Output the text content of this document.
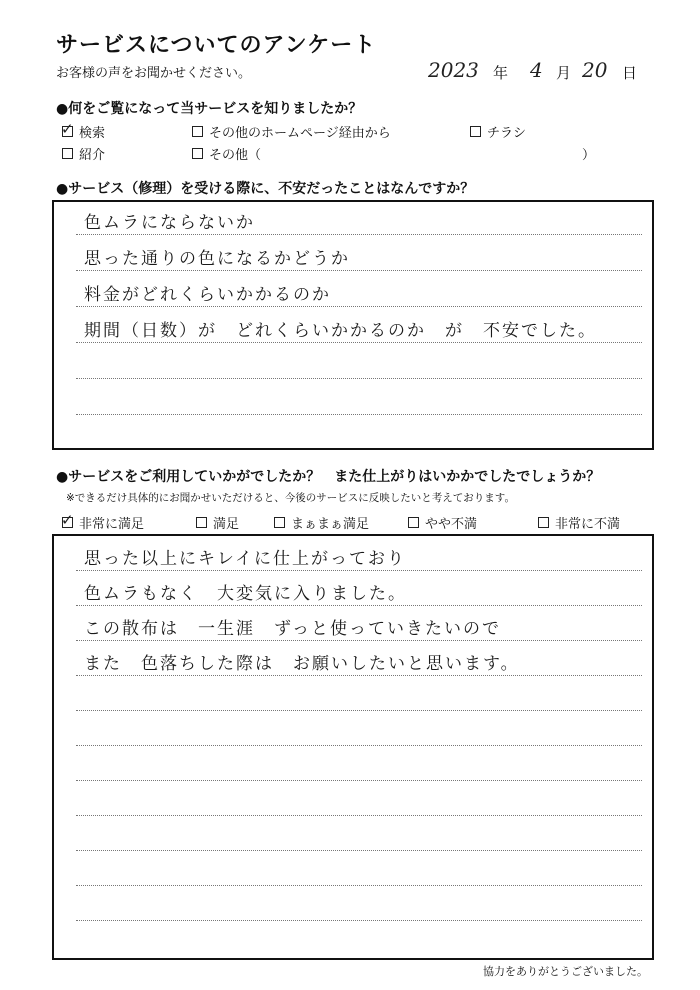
サービスについてのアンケート
お客様の声をお聞かせください。	2023 年 4 月 20 日
●何をご覧になって当サービスを知りましたか？
✓
検索	その他のホームページ経由から	チラシ
紹介	その他（	）
●サービス（修理）を受ける際に、不安だったことはなんですか？
色ムラにならないか
思った通りの色になるかどうか
料金がどれくらいかかるのか
期間（日数）が　どれくらいかかるのか　が　不安でした。
●サービスをご利用していかがでしたか？　また仕上がりはいかかでしたでしょうか？
※できるだけ具体的にお聞かせいただけると、今後のサービスに反映したいと考えております。
✓
非常に満足	満足	まぁまぁ満足	やや不満	非常に不満
思った以上にキレイに仕上がっており
色ムラもなく　大変気に入りました。
この散布は　一生涯　ずっと使っていきたいので
また　色落ちした際は　お願いしたいと思います。
協力をありがとうございました。
